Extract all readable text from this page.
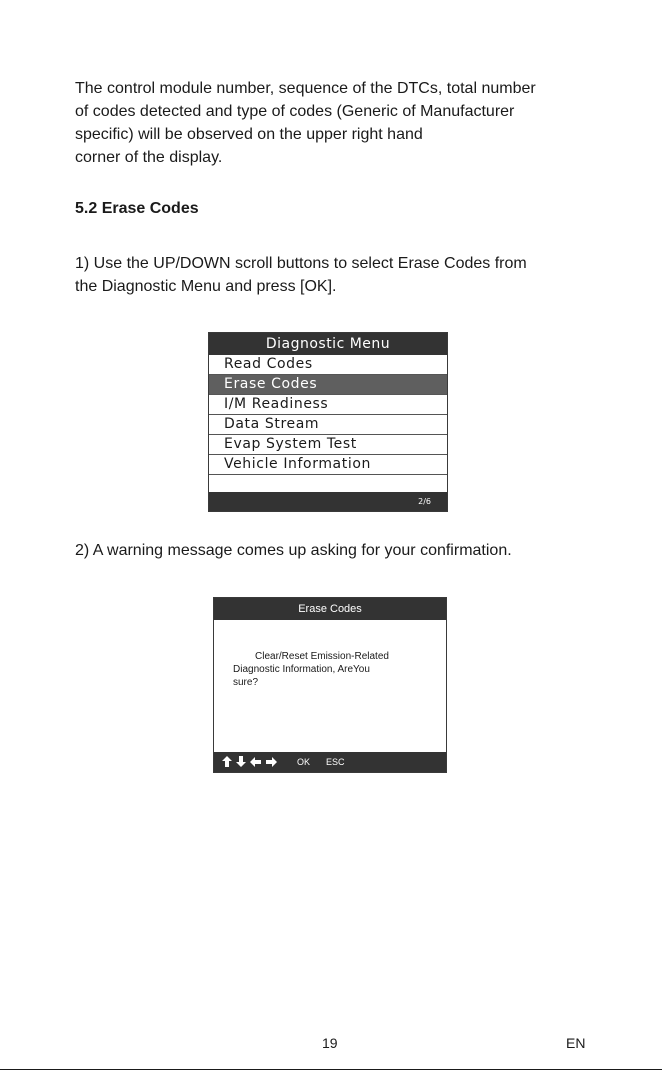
The control module number, sequence of the DTCs, total number
of codes detected and type of codes (Generic of Manufacturer
specific) will be observed on the upper right hand
corner of the display.

5.2 Erase Codes

1) Use the UP/DOWN scroll buttons to select Erase Codes from
the Diagnostic Menu and press [OK].

Diagnostic Menu
Read Codes
Erase Codes
I/M Readiness
Data Stream
Evap System Test
Vehicle Information
2/6

2) A warning message comes up asking for your confirmation.

Erase Codes

Clear/Reset Emission-Related
Diagnostic Information, AreYou
sure?

OK ESC
19	EN
